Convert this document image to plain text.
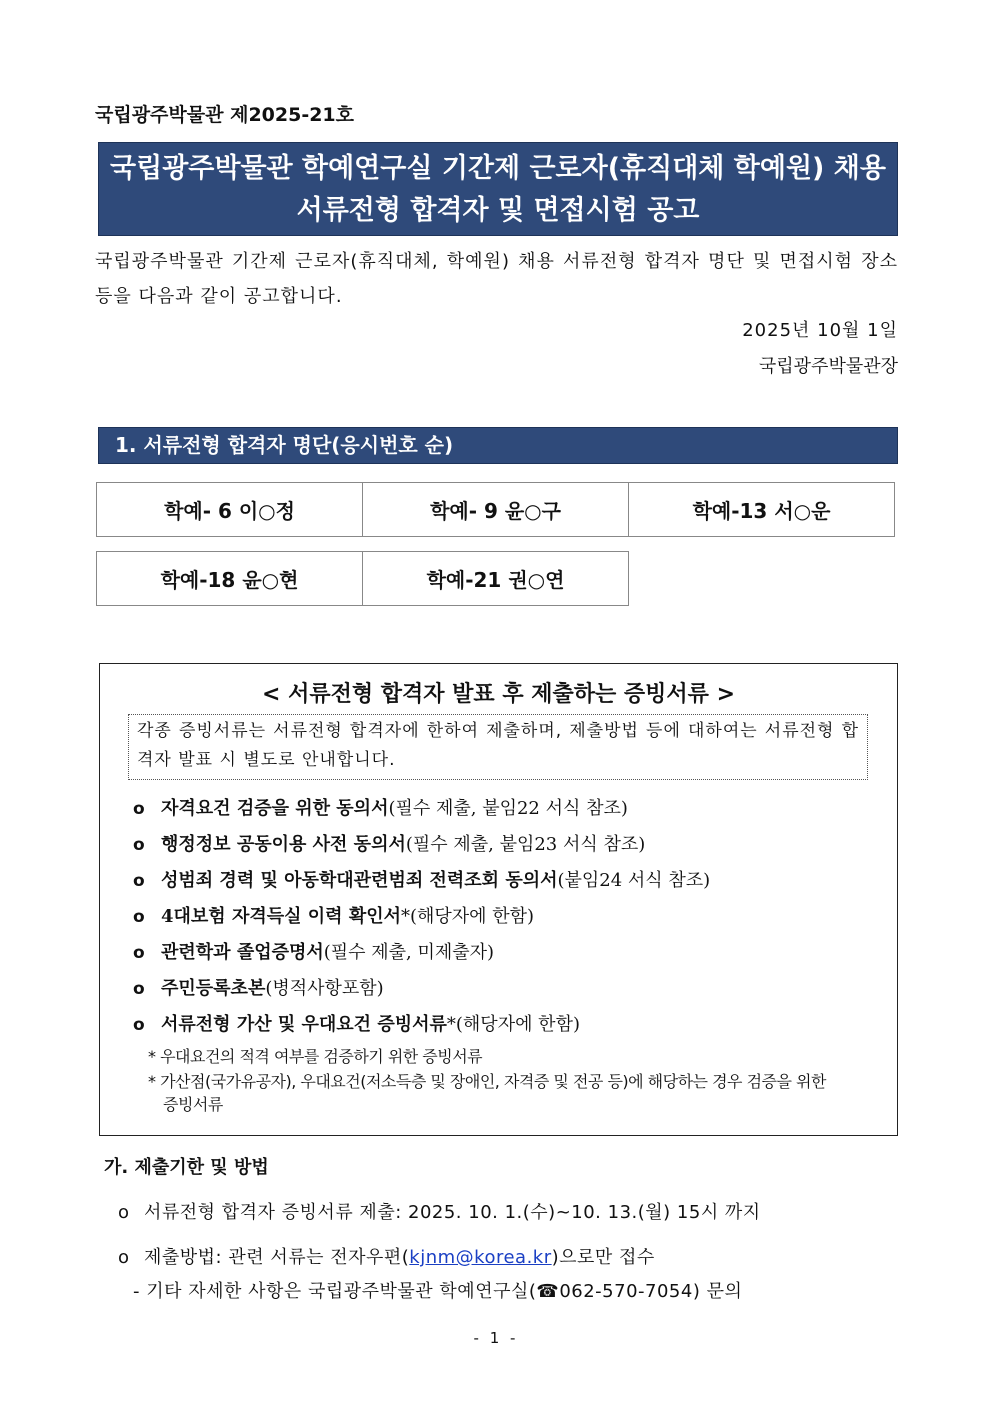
국립광주박물관 제2025-21호
국립광주박물관 학예연구실 기간제 근로자(휴직대체 학예원) 채용
서류전형 합격자 및 면접시험 공고
국립광주박물관 기간제 근로자(휴직대체, 학예원) 채용 서류전형 합격자 명단 및 면접시험 장소 등을 다음과 같이 공고합니다.
2025년 10월 1일
국립광주박물관장
1. 서류전형 합격자 명단(응시번호 순)
학예- 6 이○정	학예- 9 윤○구	학예-13 서○운
학예-18 윤○현	학예-21 권○연
< 서류전형 합격자 발표 후 제출하는 증빙서류 >
각종 증빙서류는 서류전형 합격자에 한하여 제출하며, 제출방법 등에 대하여는 서류전형 합격자 발표 시 별도로 안내합니다.
o 자격요건 검증을 위한 동의서(필수 제출, 붙임22 서식 참조)
o 행정정보 공동이용 사전 동의서(필수 제출, 붙임23 서식 참조)
o 성범죄 경력 및 아동학대관련범죄 전력조회 동의서(붙임24 서식 참조)
o 4대보험 자격득실 이력 확인서*(해당자에 한함)
o 관련학과 졸업증명서(필수 제출, 미제출자)
o 주민등록초본(병적사항포함)
o 서류전형 가산 및 우대요건 증빙서류*(해당자에 한함)
* 우대요건의 적격 여부를 검증하기 위한 증빙서류
* 가산점(국가유공자), 우대요건(저소득층 및 장애인, 자격증 및 전공 등)에 해당하는 경우 검증을 위한
증빙서류
가. 제출기한 및 방법
o 서류전형 합격자 증빙서류 제출: 2025. 10. 1.(수)~10. 13.(월) 15시 까지
o 제출방법: 관련 서류는 전자우편(kjnm@korea.kr)으로만 접수
- 기타 자세한 사항은 국립광주박물관 학예연구실(☎062-570-7054) 문의
- 1 -
